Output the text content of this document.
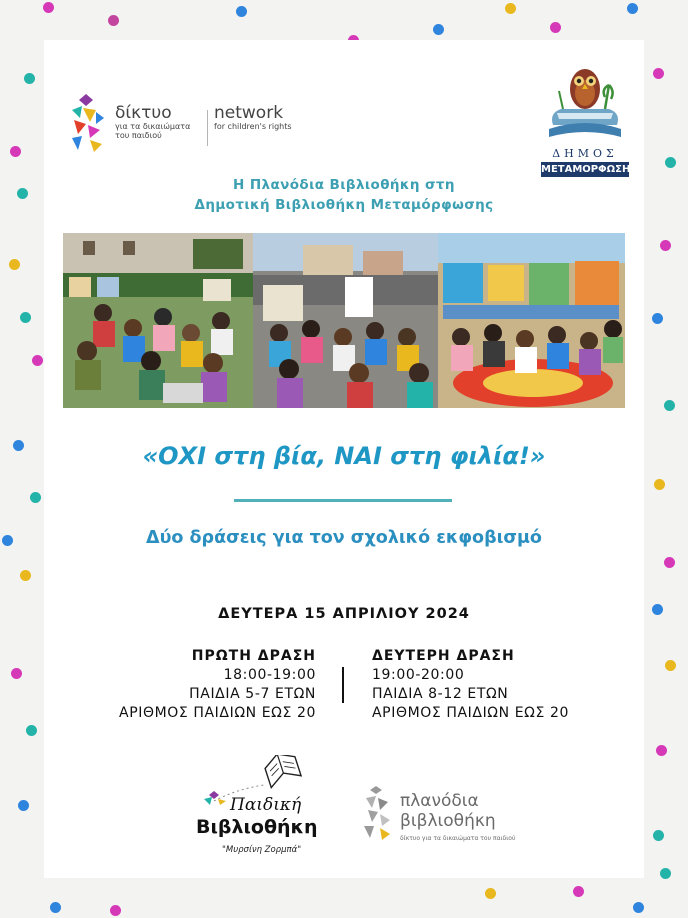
δίκτυο
για τα δικαιώματα του παιδιού
network
for children's rights
ΔΗΜΟΣ
ΜΕΤΑΜΟΡΦΩΣΗΣ
Η Πλανόδια Βιβλιοθήκη στη
Δημοτική Βιβλιοθήκη Μεταμόρφωσης
«ΟΧΙ στη βία, ΝΑΙ στη φιλία!»
Δύο δράσεις για τον σχολικό εκφοβισμό
ΔΕΥΤΕΡΑ 15 ΑΠΡΙΛΙΟΥ 2024
ΠΡΩΤΗ ΔΡΑΣΗ
18:00-19:00
ΠΑΙΔΙΑ 5-7 ΕΤΩΝ
ΑΡΙΘΜΟΣ ΠΑΙΔΙΩΝ ΕΩΣ 20
ΔΕΥΤΕΡΗ ΔΡΑΣΗ
19:00-20:00
ΠΑΙΔΙΑ 8-12 ΕΤΩΝ
ΑΡΙΘΜΟΣ ΠΑΙΔΙΩΝ ΕΩΣ 20
Παιδική
Βιβλιοθήκη
"Μυρσίνη Ζορμπά"
πλανόδια
βιβλιοθήκη
δίκτυο για τα δικαιώματα του παιδιού
